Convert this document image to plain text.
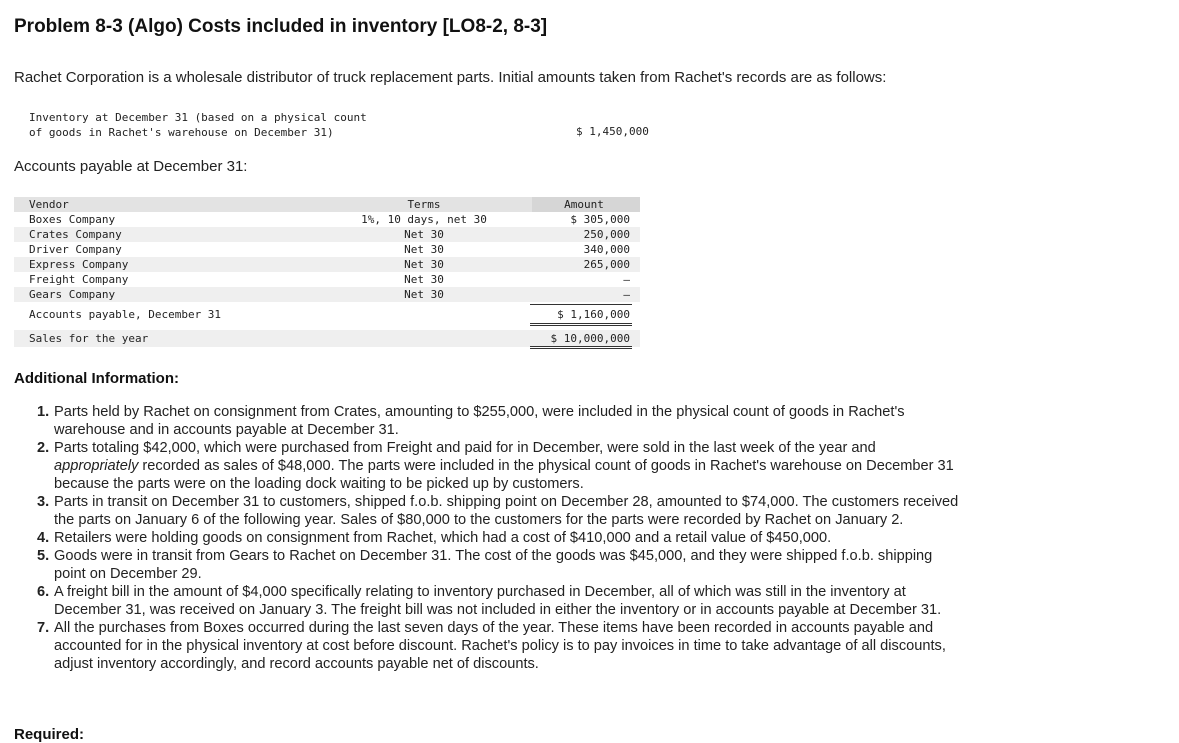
Problem 8-3 (Algo) Costs included in inventory [LO8-2, 8-3]
Rachet Corporation is a wholesale distributor of truck replacement parts. Initial amounts taken from Rachet's records are as follows:
Inventory at December 31 (based on a physical count
of goods in Rachet's warehouse on December 31)	$ 1,450,000
Accounts payable at December 31:
Vendor	Terms	Amount
Boxes Company	1%, 10 days, net 30	$ 305,000
Crates Company	Net 30	250,000
Driver Company	Net 30	340,000
Express Company	Net 30	265,000
Freight Company	Net 30	–
Gears Company	Net 30	–
Accounts payable, December 31	$ 1,160,000
Sales for the year	$ 10,000,000
Additional Information:
1. Parts held by Rachet on consignment from Crates, amounting to $255,000, were included in the physical count of goods in Rachet's warehouse and in accounts payable at December 31.
2. Parts totaling $42,000, which were purchased from Freight and paid for in December, were sold in the last week of the year and appropriately recorded as sales of $48,000. The parts were included in the physical count of goods in Rachet's warehouse on December 31 because the parts were on the loading dock waiting to be picked up by customers.
3. Parts in transit on December 31 to customers, shipped f.o.b. shipping point on December 28, amounted to $74,000. The customers received the parts on January 6 of the following year. Sales of $80,000 to the customers for the parts were recorded by Rachet on January 2.
4. Retailers were holding goods on consignment from Rachet, which had a cost of $410,000 and a retail value of $450,000.
5. Goods were in transit from Gears to Rachet on December 31. The cost of the goods was $45,000, and they were shipped f.o.b. shipping point on December 29.
6. A freight bill in the amount of $4,000 specifically relating to inventory purchased in December, all of which was still in the inventory at December 31, was received on January 3. The freight bill was not included in either the inventory or in accounts payable at December 31.
7. All the purchases from Boxes occurred during the last seven days of the year. These items have been recorded in accounts payable and accounted for in the physical inventory at cost before discount. Rachet's policy is to pay invoices in time to take advantage of all discounts, adjust inventory accordingly, and record accounts payable net of discounts.
Required:
